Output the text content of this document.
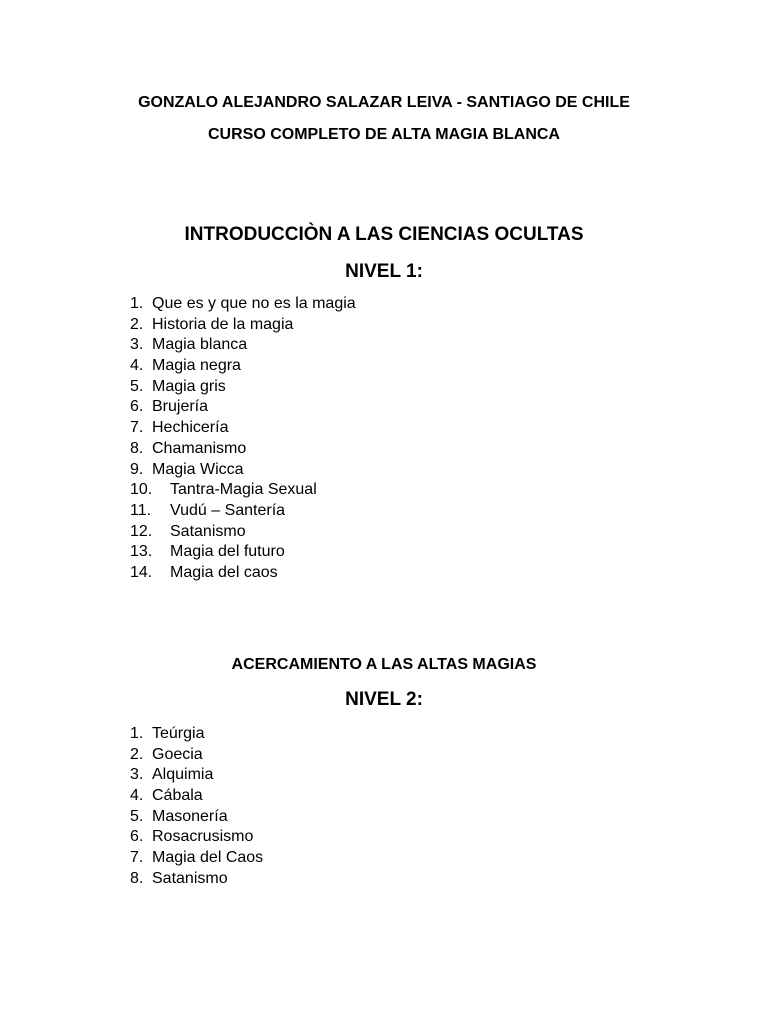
GONZALO ALEJANDRO SALAZAR LEIVA - SANTIAGO DE CHILE
CURSO COMPLETO DE ALTA MAGIA BLANCA
INTRODUCCIÒN A LAS CIENCIAS OCULTAS
NIVEL 1:
1. Que es y que no es la magia
2. Historia de la magia
3. Magia blanca
4. Magia negra
5. Magia gris
6. Brujería
7. Hechicería
8. Chamanismo
9. Magia Wicca
10. Tantra-Magia Sexual
11. Vudú – Santería
12. Satanismo
13. Magia del futuro
14. Magia del caos
ACERCAMIENTO A LAS ALTAS MAGIAS
NIVEL 2:
1. Teúrgia
2. Goecia
3. Alquimia
4. Cábala
5. Masonería
6. Rosacrusismo
7. Magia del Caos
8. Satanismo
